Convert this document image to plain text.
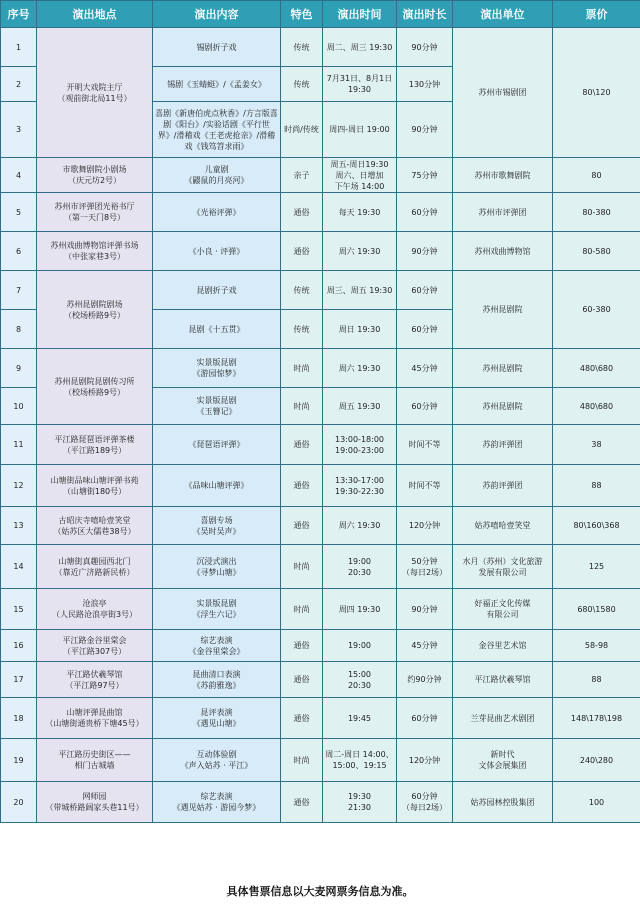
序号	演出地点	演出内容	特色	演出时间	演出时长	演出单位	票价

1	开明大戏院主厅
（观前街北局11号）	锡剧折子戏	传统	周二、周三 19:30	90分钟	苏州市锡剧团	80\120

2		锡剧《玉蜻蜓》/《孟姜女》	传统	7月31日、8月1日
19:30	130分钟		

3		喜剧《新唐伯虎点秋香》/方言版喜剧《阳台》/实验话剧《平行世界》/滑稽戏《王老虎抢亲》/滑稽戏《钱笃笤求雨》	时尚/传统	周四-周日 19:00	90分钟		

4	市歌舞剧院小剧场
（庆元坊2号）	儿童剧
《鼹鼠的月亮河》	亲子	周五-周日19:30
周六、日增加
下午场 14:00	75分钟	苏州市歌舞剧院	80

5	苏州市评弹团光裕书厅
（第一天门8号）	《光裕评弹》	通俗	每天 19:30	60分钟	苏州市评弹团	80-380

6	苏州戏曲博物馆评弹书场
（中张家巷3号）	《小良 · 评弹》	通俗	周六 19:30	90分钟	苏州戏曲博物馆	80-580

7	苏州昆剧院剧场
（校场桥路9号）	昆剧折子戏	传统	周三、周五 19:30	60分钟	苏州昆剧院	60-380

8		昆剧《十五贯》	传统	周日 19:30	60分钟		

9	苏州昆剧院昆剧传习所
（校场桥路9号）	实景版昆剧
《游园惊梦》	时尚	周六 19:30	45分钟	苏州昆剧院	480\680

10		实景版昆剧
《玉簪记》	时尚	周五 19:30	60分钟	苏州昆剧院	480\680

11	平江路琵琶语评弹茶楼
（平江路189号）	《琵琶语评弹》	通俗	13:00-18:00
19:00-23:00	时间不等	苏韵评弹团	38

12	山塘街品味山塘评弹书苑
（山塘街180号）	《品味山塘评弹》	通俗	13:30-17:00
19:30-22:30	时间不等	苏韵评弹团	88

13	古昭庆寺嘻哈壹笑堂
（姑苏区大儒巷38号）	喜剧专场
《吴时吴声》	通俗	周六 19:30	120分钟	姑苏嘻哈壹笑堂	80\160\368

14	山塘街真趣园西北门
（靠近广济路新民桥）	沉浸式演出
《寻梦山塘》	时尚	19:00
20:30	50分钟
（每日2场）	水月（苏州）文化旅游
发展有限公司	125

15	沧浪亭
（人民路沧浪亭街3号）	实景版昆剧
《浮生六记》	时尚	周四 19:30	90分钟	好福正文化传媒
有限公司	680\1580

16	平江路金谷里棠会
（平江路307号）	综艺表演
《金谷里棠会》	通俗	19:00	45分钟	金谷里艺术馆	58-98

17	平江路伏羲琴馆
（平江路97号）	昆曲清口表演
《苏韵雅逸》	通俗	15:00
20:30	约90分钟	平江路伏羲琴馆	88

18	山塘评弹昆曲馆
（山塘街通贵桥下塘45号）	昆评表演
《遇见山塘》	通俗	19:45	60分钟	兰芽昆曲艺术剧团	148\178\198

19	平江路历史街区——
相门古城墙	互动体验剧
《声入姑苏 · 平江》	时尚	周二-周日 14:00、
15:00、19:15	120分钟	新时代
文体会展集团	240\280

20	网师园
（带城桥路阔家头巷11号）	综艺表演
《遇见姑苏 · 游园今梦》	通俗	19:30
21:30	60分钟
（每日2场）	姑苏园林控股集团	100
具体售票信息以大麦网票务信息为准。
